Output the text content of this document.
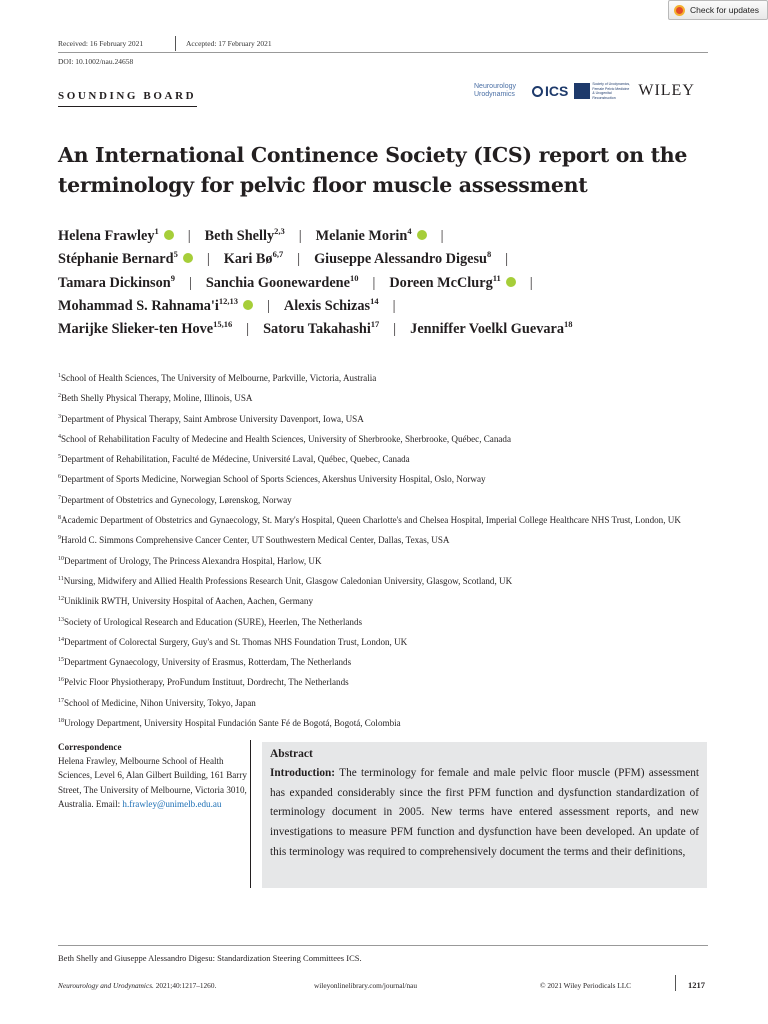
Check for updates
Received: 16 February 2021	Accepted: 17 February 2021
DOI: 10.1002/nau.24658
SOUNDING BOARD
Neurourology
Urodynamics	ICS	Society of Urodynamics, Female Pelvic Medicine & Urogenital Reconstruction	WILEY
An International Continence Society (ICS) report on the terminology for pelvic floor muscle assessment
Helena Frawley$^1$ | Beth Shelly$^{2,3}$ | Melanie Morin$^4$ |
Stéphanie Bernard$^5$ | Kari Bø$^{6,7}$ | Giuseppe Alessandro Digesu$^8$ |
Tamara Dickinson$^9$ | Sanchia Goonewardene$^{10}$ | Doreen McClurg$^{11}$ |
Mohammad S. $Rahnama'i^{12,13}$ | Alexis Schizas$^{14}$ |
Marijke Slieker-ten Hove$^{15,16}$ | Satoru Takahashi$^{17}$ | Jenniffer Voelkl Guevara$^{18}$
$^1$School of Health Sciences, The University of Melbourne, Parkville, Victoria, Australia
$^2$Beth Shelly Physical Therapy, Moline, Illinois, USA
$^3$Department of Physical Therapy, Saint Ambrose University Davenport, Iowa, USA
$^4$School of Rehabilitation Faculty of Medecine and Health Sciences, University of Sherbrooke, Sherbrooke, Québec, Canada
$^5$Department of Rehabilitation, Faculté de Médecine, Université Laval, Québec, Quebec, Canada
$^6$Department of Sports Medicine, Norwegian School of Sports Sciences, Akershus University Hospital, Oslo, Norway
$^7$Department of Obstetrics and Gynecology, Lørenskog, Norway
$^8$Academic Department of Obstetrics and Gynaecology, St. Mary's Hospital, Queen Charlotte's and Chelsea Hospital, Imperial College Healthcare NHS Trust, London, UK
$^9$Harold C. Simmons Comprehensive Cancer Center, UT Southwestern Medical Center, Dallas, Texas, USA
$^{10}$Department of Urology, The Princess Alexandra Hospital, Harlow, UK
$^{11}$Nursing, Midwifery and Allied Health Professions Research Unit, Glasgow Caledonian University, Glasgow, Scotland, UK
$^{12}$Uniklinik RWTH, University Hospital of Aachen, Aachen, Germany
$^{13}$Society of Urological Research and Education (SURE), Heerlen, The Netherlands
$^{14}$Department of Colorectal Surgery, Guy's and St. Thomas NHS Foundation Trust, London, UK
$^{15}$Department Gynaecology, University of Erasmus, Rotterdam, The Netherlands
$^{16}$Pelvic Floor Physiotherapy, ProFundum Instituut, Dordrecht, The Netherlands
$^{17}$School of Medicine, Nihon University, Tokyo, Japan
$^{18}$Urology Department, University Hospital Fundación Sante Fé de Bogotá, Bogotá, Colombia
Correspondence
Helena Frawley, Melbourne School of Health Sciences, Level 6, Alan Gilbert Building, 161 Barry Street, The University of Melbourne, Victoria 3010, Australia. Email: h.frawley@unimelb.edu.au
Abstract
Introduction: The terminology for female and male pelvic floor muscle (PFM) assessment has expanded considerably since the first PFM function and dysfunction standardization of terminology document in 2005. New terms have entered assessment reports, and new investigations to measure PFM function and dysfunction have been developed. An update of this terminology was required to comprehensively document the terms and their definitions,
Beth Shelly and Giuseppe Alessandro Digesu: Standardization Steering Committees ICS.
Neurourology and Urodynamics. 2021;40:1217–1260.	wileyonlinelibrary.com/journal/nau	© 2021 Wiley Periodicals LLC	1217
